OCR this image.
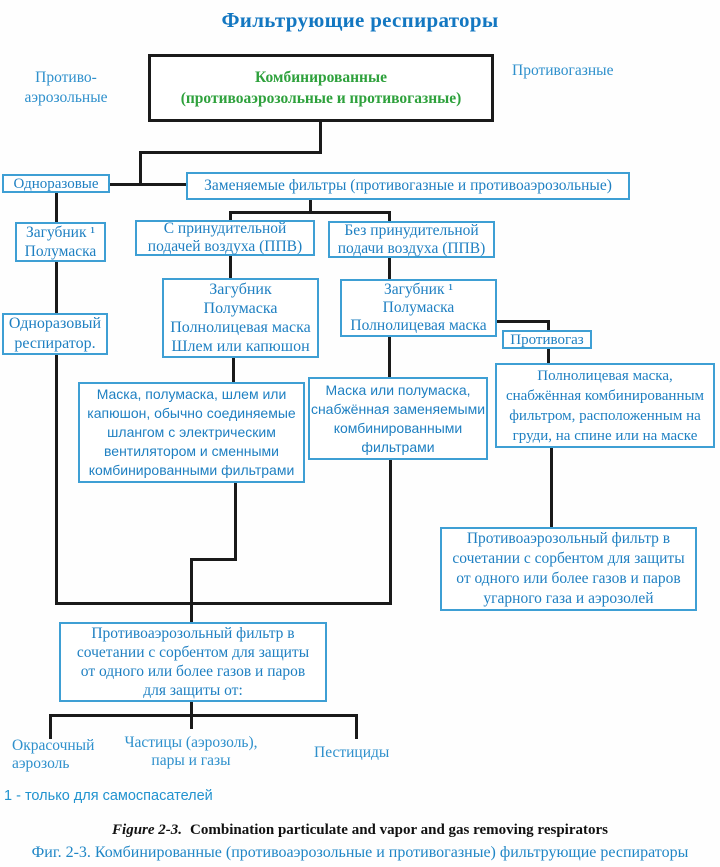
Фильтрующие респираторы
Комбинированные
(противоаэрозольные и противогазные)
Одноразовые	Заменяемые фильтры (противогазные и противоаэрозольные)
Загубник ¹
Полумаска
С принудительной
подачей воздуха (ППВ)
Без принудительной
подачи воздуха (ППВ)
Одноразовый
респиратор.
Загубник
Полумаска
Полнолицевая маска
Шлем или капюшон
Загубник ¹
Полумаска
Полнолицевая маска
Противогаз
Маска, полумаска, шлем или
капюшон, обычно соединяемые
шлангом с электрическим
вентилятором и сменными
комбинированными фильтрами
Маска или полумаска,
снабжённая заменяемыми
комбинированными
фильтрами
Полнолицевая маска,
снабжённая комбинированным
фильтром, расположенным на
груди, на спине или на маске
Противоаэрозольный фильтр в
сочетании с сорбентом для защиты
от одного или более газов и паров
угарного газа и аэрозолей
Противоаэрозольный фильтр в
сочетании с сорбентом для защиты
от одного или более газов и паров
для защиты от:
Противо-
аэрозольные
Противогазные
Окрасочный
аэрозоль
Частицы (аэрозоль),
пары и газы	Пестициды
1 - только для самоспасателей
Figure 2-3. Combination particulate and vapor and gas removing respirators
Фиг. 2-3. Комбинированные (противоаэрозольные и противогазные) фильтрующие респираторы
